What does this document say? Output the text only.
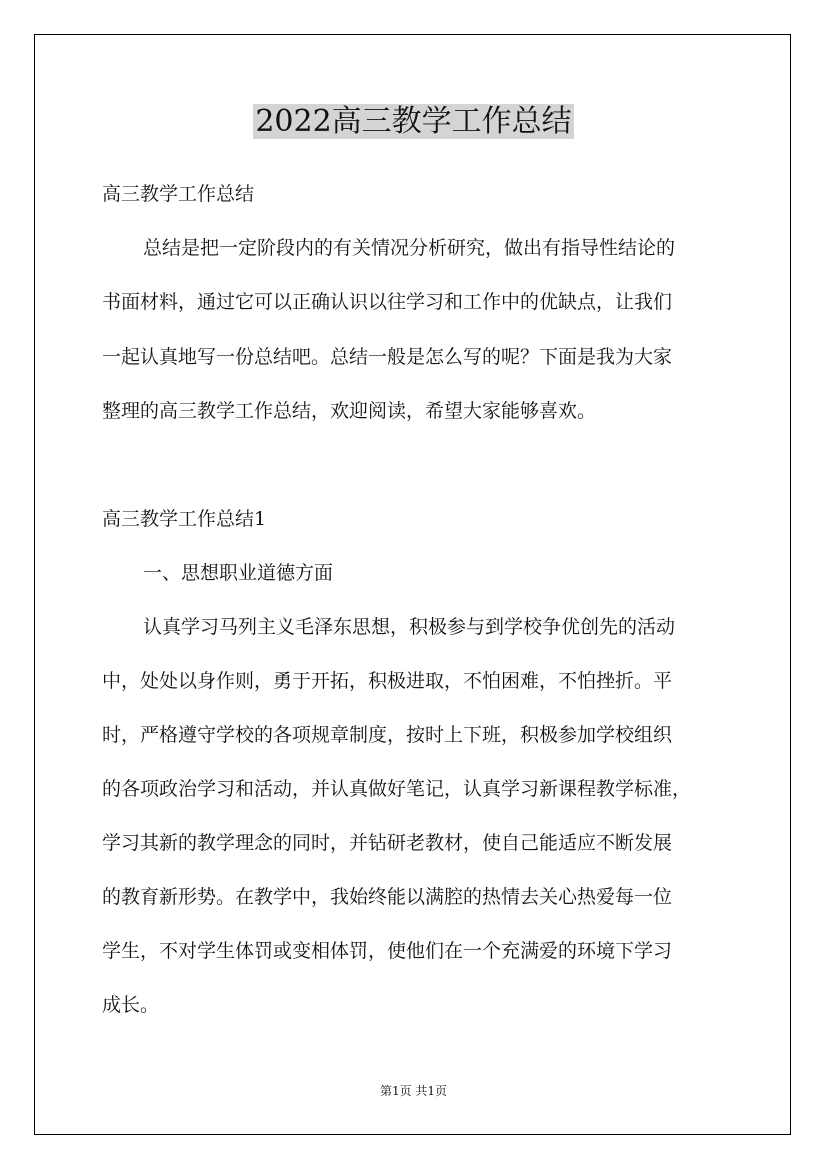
2022高三教学工作总结
高三教学工作总结
总结是把一定阶段内的有关情况分析研究，做出有指导性结论的
书面材料，通过它可以正确认识以往学习和工作中的优缺点，让我们
一起认真地写一份总结吧。总结一般是怎么写的呢？下面是我为大家
整理的高三教学工作总结，欢迎阅读，希望大家能够喜欢。
高三教学工作总结1
一、思想职业道德方面
认真学习马列主义毛泽东思想，积极参与到学校争优创先的活动
中，处处以身作则，勇于开拓，积极进取，不怕困难，不怕挫折。平
时，严格遵守学校的各项规章制度，按时上下班，积极参加学校组织
的各项政治学习和活动，并认真做好笔记，认真学习新课程教学标准，
学习其新的教学理念的同时，并钻研老教材，使自己能适应不断发展
的教育新形势。在教学中，我始终能以满腔的热情去关心热爱每一位
学生，不对学生体罚或变相体罚，使他们在一个充满爱的环境下学习
成长。
第1页 共1页
